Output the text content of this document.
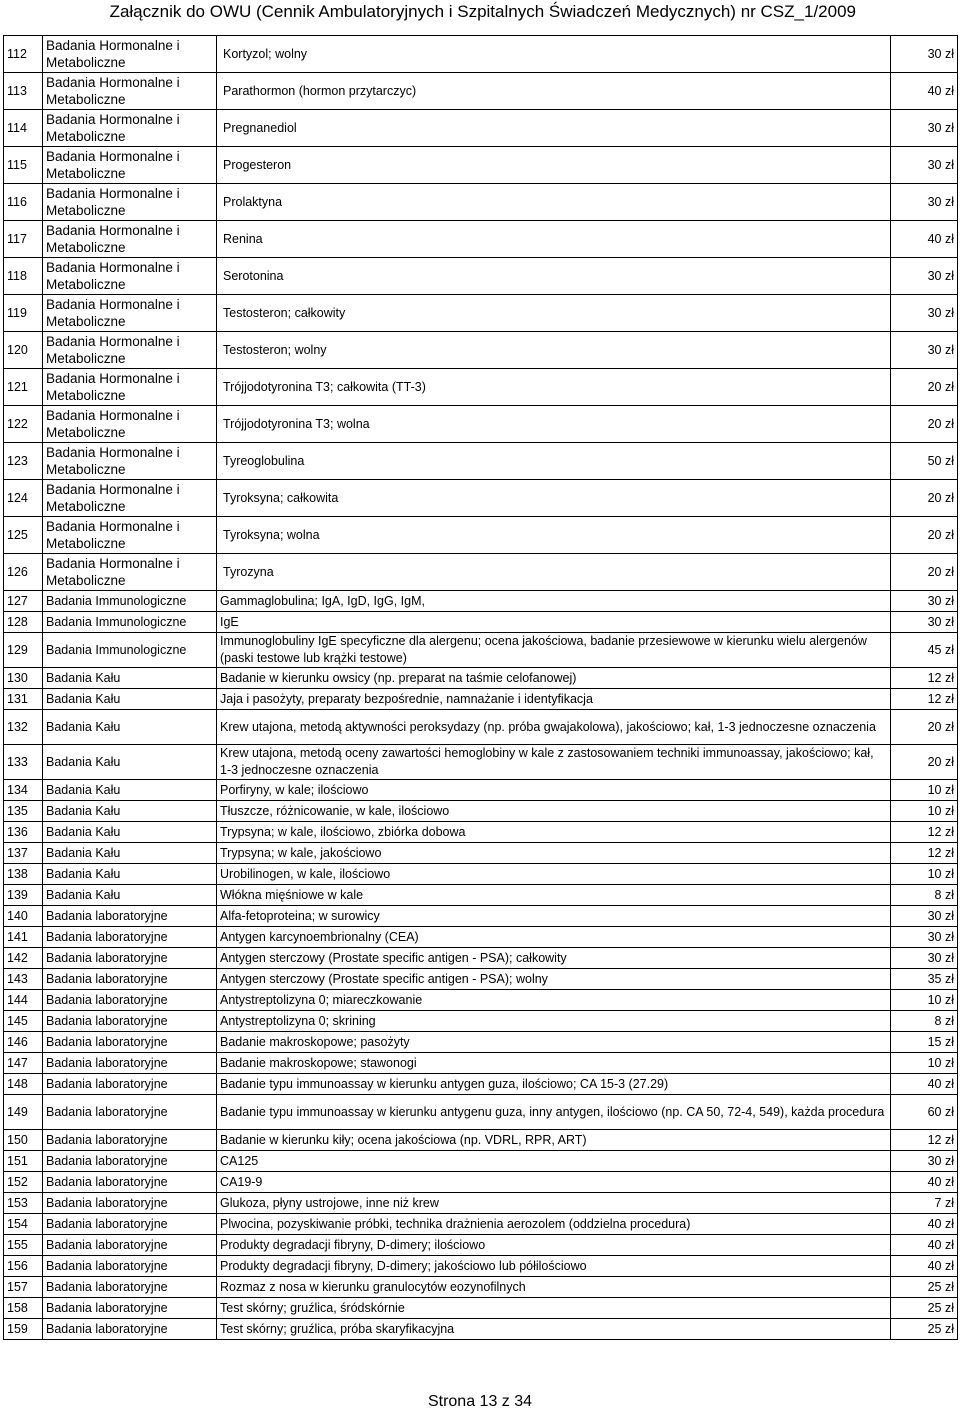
Załącznik do OWU (Cennik Ambulatoryjnych i Szpitalnych Świadczeń Medycznych) nr CSZ_1/2009
112	Badania Hormonalne i Metaboliczne	Kortyzol; wolny	30 zł
113	Badania Hormonalne i Metaboliczne	Parathormon (hormon przytarczyc)	40 zł
114	Badania Hormonalne i Metaboliczne	Pregnanediol	30 zł
115	Badania Hormonalne i Metaboliczne	Progesteron	30 zł
116	Badania Hormonalne i Metaboliczne	Prolaktyna	30 zł
117	Badania Hormonalne i Metaboliczne	Renina	40 zł
118	Badania Hormonalne i Metaboliczne	Serotonina	30 zł
119	Badania Hormonalne i Metaboliczne	Testosteron; całkowity	30 zł
120	Badania Hormonalne i Metaboliczne	Testosteron; wolny	30 zł
121	Badania Hormonalne i Metaboliczne	Trójjodotyronina T3; całkowita (TT-3)	20 zł
122	Badania Hormonalne i Metaboliczne	Trójjodotyronina T3; wolna	20 zł
123	Badania Hormonalne i Metaboliczne	Tyreoglobulina	50 zł
124	Badania Hormonalne i Metaboliczne	Tyroksyna; całkowita	20 zł
125	Badania Hormonalne i Metaboliczne	Tyroksyna; wolna	20 zł
126	Badania Hormonalne i Metaboliczne	Tyrozyna	20 zł
127	Badania Immunologiczne	Gammaglobulina; IgA, IgD, IgG, IgM,	30 zł
128	Badania Immunologiczne	IgE	30 zł
129	Badania Immunologiczne	Immunoglobuliny IgE specyficzne dla alergenu; ocena jakościowa, badanie przesiewowe w kierunku wielu alergenów (paski testowe lub krążki testowe)	45 zł
130	Badania Kału	Badanie w kierunku owsicy (np. preparat na taśmie celofanowej)	12 zł
131	Badania Kału	Jaja i pasożyty, preparaty bezpośrednie, namnażanie i identyfikacja	12 zł
132	Badania Kału	Krew utajona, metodą aktywności peroksydazy (np. próba gwajakolowa), jakościowo; kał, 1-3 jednoczesne oznaczenia	20 zł
133	Badania Kału	Krew utajona, metodą oceny zawartości hemoglobiny w kale z zastosowaniem techniki immunoassay, jakościowo; kał, 1-3 jednoczesne oznaczenia	20 zł
134	Badania Kału	Porfiryny, w kale; ilościowo	10 zł
135	Badania Kału	Tłuszcze, różnicowanie, w kale, ilościowo	10 zł
136	Badania Kału	Trypsyna; w kale, ilościowo, zbiórka dobowa	12 zł
137	Badania Kału	Trypsyna; w kale, jakościowo	12 zł
138	Badania Kału	Urobilinogen, w kale, ilościowo	10 zł
139	Badania Kału	Włókna mięśniowe w kale	8 zł
140	Badania laboratoryjne	Alfa-fetoproteina; w surowicy	30 zł
141	Badania laboratoryjne	Antygen karcynoembrionalny (CEA)	30 zł
142	Badania laboratoryjne	Antygen sterczowy (Prostate specific antigen - PSA); całkowity	30 zł
143	Badania laboratoryjne	Antygen sterczowy (Prostate specific antigen - PSA); wolny	35 zł
144	Badania laboratoryjne	Antystreptolizyna 0; miareczkowanie	10 zł
145	Badania laboratoryjne	Antystreptolizyna 0; skrining	8 zł
146	Badania laboratoryjne	Badanie makroskopowe; pasożyty	15 zł
147	Badania laboratoryjne	Badanie makroskopowe; stawonogi	10 zł
148	Badania laboratoryjne	Badanie typu immunoassay w kierunku antygen guza, ilościowo; CA 15-3 (27.29)	40 zł
149	Badania laboratoryjne	Badanie typu immunoassay w kierunku antygenu guza, inny antygen, ilościowo (np. CA 50, 72-4, 549), każda procedura	60 zł
150	Badania laboratoryjne	Badanie w kierunku kiły; ocena jakościowa (np. VDRL, RPR, ART)	12 zł
151	Badania laboratoryjne	CA125	30 zł
152	Badania laboratoryjne	CA19-9	40 zł
153	Badania laboratoryjne	Glukoza, płyny ustrojowe, inne niż krew	7 zł
154	Badania laboratoryjne	Plwocina, pozyskiwanie próbki, technika drażnienia aerozolem (oddzielna procedura)	40 zł
155	Badania laboratoryjne	Produkty degradacji fibryny, D-dimery; ilościowo	40 zł
156	Badania laboratoryjne	Produkty degradacji fibryny, D-dimery; jakościowo lub półilościowo	40 zł
157	Badania laboratoryjne	Rozmaz z nosa w kierunku granulocytów eozynofilnych	25 zł
158	Badania laboratoryjne	Test skórny; gruźlica, śródskórnie	25 zł
159	Badania laboratoryjne	Test skórny; gruźlica, próba skaryfikacyjna	25 zł
Strona 13 z 34
